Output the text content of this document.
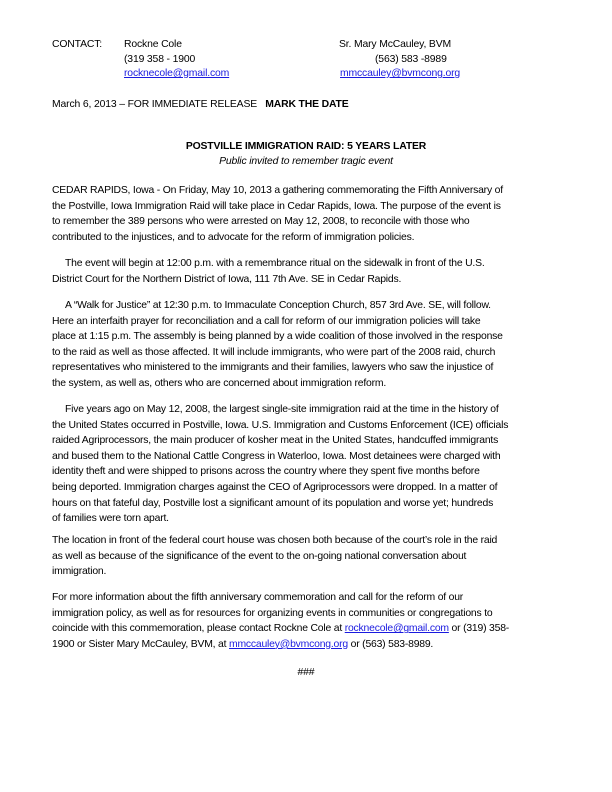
CONTACT: Rockne Cole
(319 358 - 1900
rocknecole@gmail.com
Sr. Mary McCauley, BVM
(563) 583 -8989
mmccauley@bvmcong.org
March 6, 2013 – FOR IMMEDIATE RELEASE MARK THE DATE
POSTVILLE IMMIGRATION RAID: 5 YEARS LATER
Public invited to remember tragic event
CEDAR RAPIDS, Iowa - On Friday, May 10, 2013 a gathering commemorating the Fifth Anniversary of
the Postville, Iowa Immigration Raid will take place in Cedar Rapids, Iowa. The purpose of the event is
to remember the 389 persons who were arrested on May 12, 2008, to reconcile with those who
contributed to the injustices, and to advocate for the reform of immigration policies.
The event will begin at 12:00 p.m. with a remembrance ritual on the sidewalk in front of the U.S.
District Court for the Northern District of Iowa, 111 7th Ave. SE in Cedar Rapids.
A “Walk for Justice” at 12:30 p.m. to Immaculate Conception Church, 857 3rd Ave. SE, will follow.
Here an interfaith prayer for reconciliation and a call for reform of our immigration policies will take
place at 1:15 p.m. The assembly is being planned by a wide coalition of those involved in the response
to the raid as well as those affected. It will include immigrants, who were part of the 2008 raid, church
representatives who ministered to the immigrants and their families, lawyers who saw the injustice of
the system, as well as, others who are concerned about immigration reform.
Five years ago on May 12, 2008, the largest single-site immigration raid at the time in the history of
the United States occurred in Postville, Iowa. U.S. Immigration and Customs Enforcement (ICE) officials
raided Agriprocessors, the main producer of kosher meat in the United States, handcuffed immigrants
and bused them to the National Cattle Congress in Waterloo, Iowa. Most detainees were charged with
identity theft and were shipped to prisons across the country where they spent five months before
being deported. Immigration charges against the CEO of Agriprocessors were dropped. In a matter of
hours on that fateful day, Postville lost a significant amount of its population and worse yet; hundreds
of families were torn apart.
The location in front of the federal court house was chosen both because of the court’s role in the raid
as well as because of the significance of the event to the on-going national conversation about
immigration.
For more information about the fifth anniversary commemoration and call for the reform of our
immigration policy, as well as for resources for organizing events in communities or congregations to
coincide with this commemoration, please contact Rockne Cole at rocknecole@gmail.com or (319) 358-
1900 or Sister Mary McCauley, BVM, at mmccauley@bvmcong.org or (563) 583-8989.
###
